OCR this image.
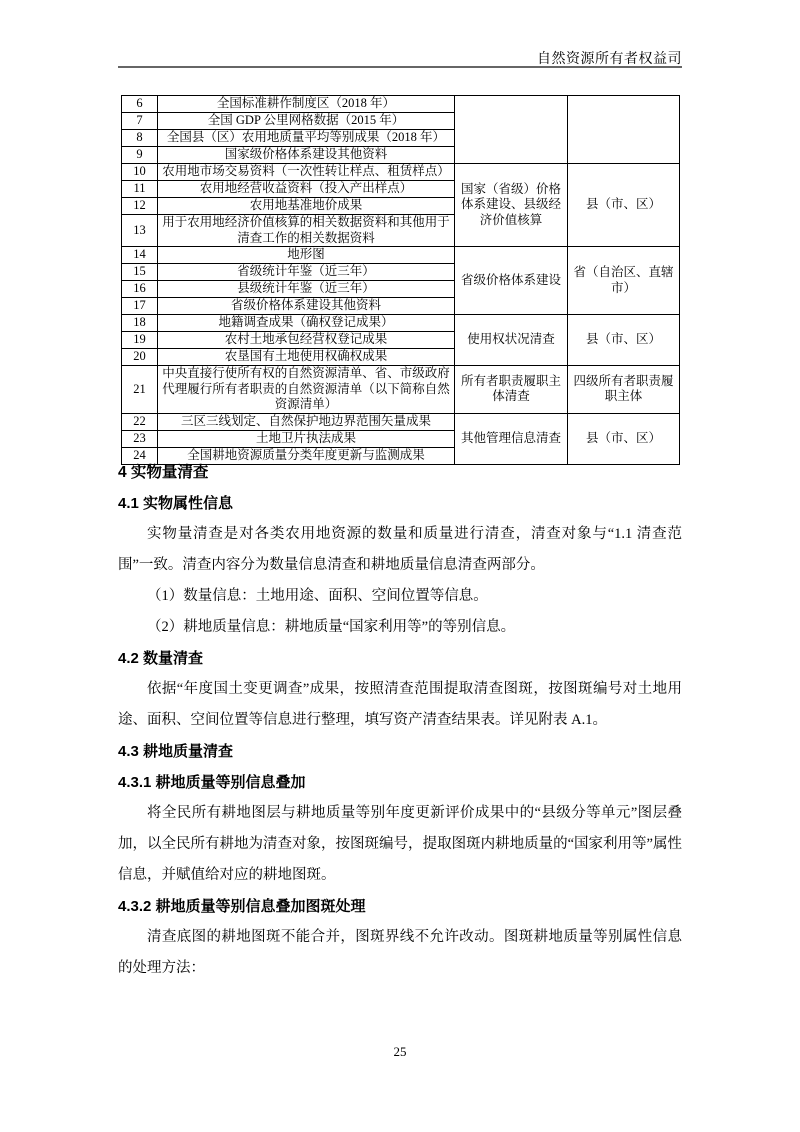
自然资源所有者权益司
6	全国标准耕作制度区（2018 年）		
7	全国 GDP 公里网格数据（2015 年）		
8	全国县（区）农用地质量平均等别成果（2018 年）		
9	国家级价格体系建设其他资料		
10	农用地市场交易资料（一次性转让样点、租赁样点）	国家（省级）价格体系建设、县级经济价值核算	县（市、区）
11	农用地经营收益资料（投入产出样点）		
12	农用地基准地价成果		
13	用于农用地经济价值核算的相关数据资料和其他用于清查工作的相关数据资料		
14	地形图	省级价格体系建设	省（自治区、直辖市）
15	省级统计年鉴（近三年）		
16	县级统计年鉴（近三年）		
17	省级价格体系建设其他资料		
18	地籍调查成果（确权登记成果）	使用权状况清查	县（市、区）
19	农村土地承包经营权登记成果		
20	农垦国有土地使用权确权成果		
21	中央直接行使所有权的自然资源清单、省、市级政府代理履行所有者职责的自然资源清单（以下简称自然资源清单）	所有者职责履职主体清查	四级所有者职责履职主体
22	三区三线划定、自然保护地边界范围矢量成果	其他管理信息清查	县（市、区）
23	土地卫片执法成果		
24	全国耕地资源质量分类年度更新与监测成果		
4 实物量清查
4.1 实物属性信息

实物量清查是对各类农用地资源的数量和质量进行清查，清查对象与“1.1 清查范围”一致。清查内容分为数量信息清查和耕地质量信息清查两部分。

（1）数量信息：土地用途、面积、空间位置等信息。

（2）耕地质量信息：耕地质量“国家利用等”的等别信息。

4.2 数量清查

依据“年度国土变更调查”成果，按照清查范围提取清查图斑，按图斑编号对土地用途、面积、空间位置等信息进行整理，填写资产清查结果表。详见附表 A.1。

4.3 耕地质量清查
4.3.1 耕地质量等别信息叠加

将全民所有耕地图层与耕地质量等别年度更新评价成果中的“县级分等单元”图层叠加，以全民所有耕地为清查对象，按图斑编号，提取图斑内耕地质量的“国家利用等”属性信息，并赋值给对应的耕地图斑。

4.3.2 耕地质量等别信息叠加图斑处理

清查底图的耕地图斑不能合并，图斑界线不允许改动。图斑耕地质量等别属性信息的处理方法：

25
